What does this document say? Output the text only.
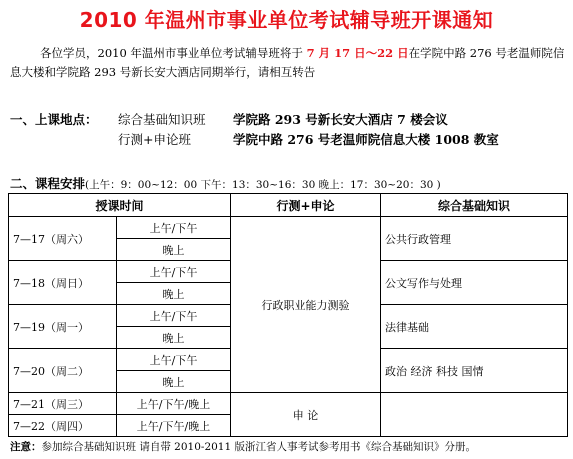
2010 年温州市事业单位考试辅导班开课通知
各位学员，2010 年温州市事业单位考试辅导班将于 7 月 17 日～22 日在学院中路 276 号老温师院信息大楼和学院路 293 号新长安大酒店同期举行，请相互转告
一、上课地点：	综合基础知识班	学院路 293 号新长安大酒店 7 楼会议
行测+申论班	学院中路 276 号老温师院信息大楼 1008 教室
二、课程安排(上午：9：00~12：00 下午：13：30~16：30 晚上：17：30~20：30 )
授课时间		行测+申论	综合基础知识
7—17（周六）	上午/下午	行政职业能力测验	公共行政管理
	晚上		
7—18（周日）	上午/下午		公文写作与处理
	晚上		
7—19（周一）	上午/下午		法律基础
	晚上		
7—20（周二）	上午/下午		政治 经济 科技 国情
	晚上		
7—21（周三）	上午/下午/晚上	申 论	
7—22（周四）	上午/下午/晚上		
注意：参加综合基础知识班 请自带 2010-2011 版浙江省人事考试参考用书《综合基础知识》分册。
